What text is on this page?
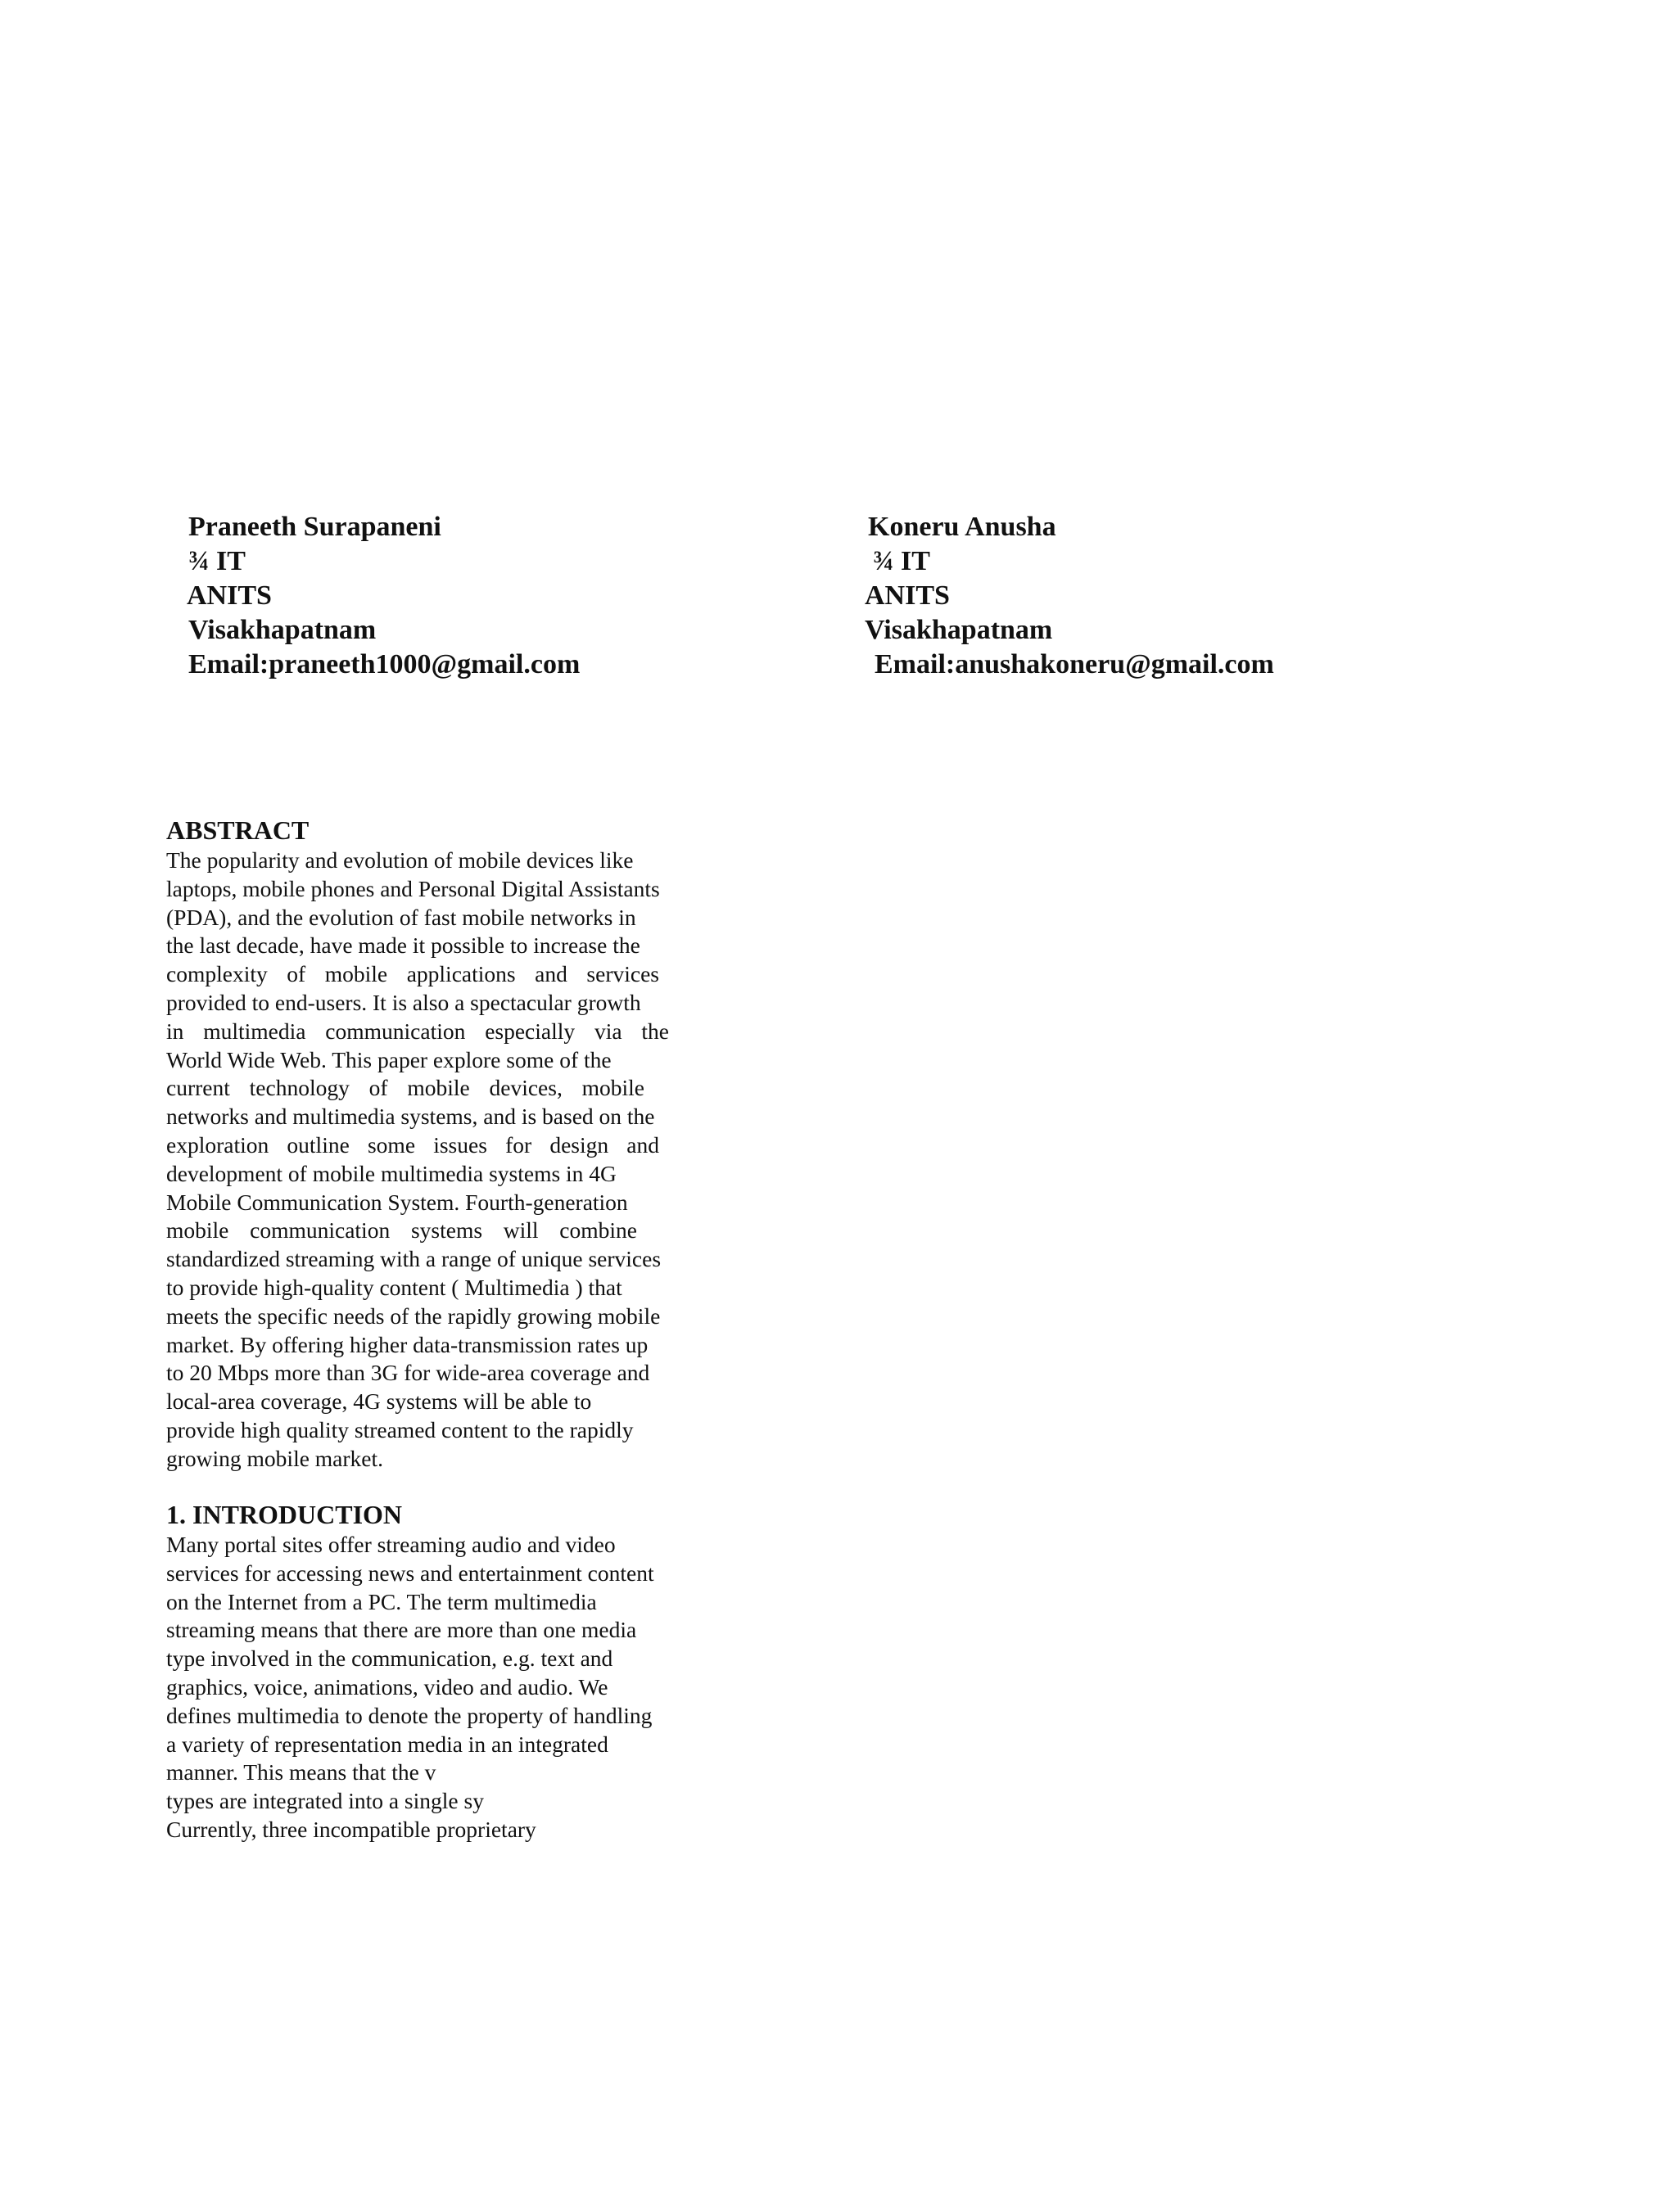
Praneeth Surapaneni
¾ IT
ANITS
Visakhapatnam
Email:praneeth1000@gmail.com
Koneru Anusha
¾ IT
ANITS
Visakhapatnam
Email:anushakoneru@gmail.com
ABSTRACT
The popularity and evolution of mobile devices like
laptops, mobile phones and Personal Digital Assistants
(PDA), and the evolution of fast mobile networks in
the last decade, have made it possible to increase the
complexity of mobile applications and services
provided to end-users. It is also a spectacular growth
in multimedia communication especially via the
World Wide Web. This paper explore some of the
current technology of mobile devices, mobile
networks and multimedia systems, and is based on the
exploration outline some issues for design and
development of mobile multimedia systems in 4G
Mobile Communication System. Fourth-generation
mobile communication systems will combine
standardized streaming with a range of unique services
to provide high-quality content ( Multimedia ) that
meets the specific needs of the rapidly growing mobile
market. By offering higher data-transmission rates up
to 20 Mbps more than 3G for wide-area coverage and
local-area coverage, 4G systems will be able to
provide high quality streamed content to the rapidly
growing mobile market.
1. INTRODUCTION
Many portal sites offer streaming audio and video
services for accessing news and entertainment content
on the Internet from a PC. The term multimedia
streaming means that there are more than one media
type involved in the communication, e.g. text and
graphics, voice, animations, video and audio. We
defines multimedia to denote the property of handling
a variety of representation media in an integrated
manner. This means that the v
types are integrated into a single sy
Currently, three incompatible proprietary
